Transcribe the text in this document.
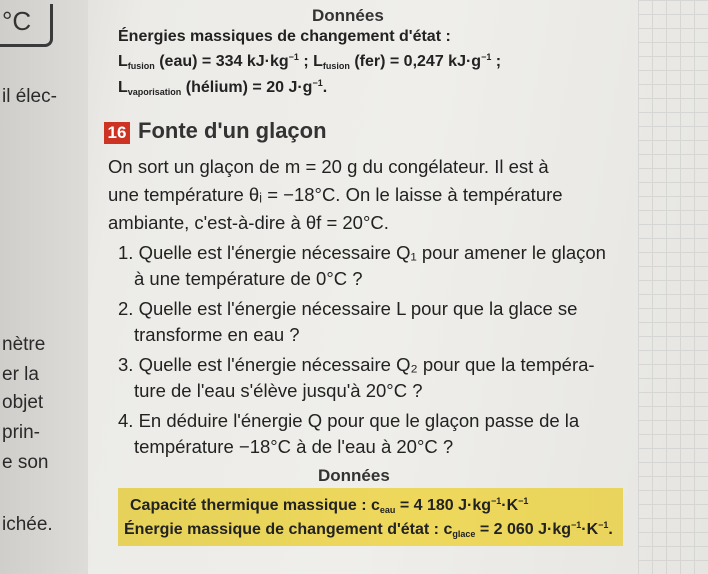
°C
il élec-
nètre
er la
objet
prin-
e son
ichée.
Données
Énergies massiques de changement d'état :
$L_{fusion}$ (eau) = 334 $kJ\cdot kg^{-1}$ ; $L_{fusion}$ (fer) = 0,247 $kJ\cdot g^{-1}$ ;
$L_{vaporisation}$ (hélium) = 20 $J\cdot g^{-1}$.
16 Fonte d'un glaçon
On sort un glaçon de m = 20 g du congélateur. Il est à
une température θᵢ = −18°C. On le laisse à température
ambiante, c'est-à-dire à θf = 20°C.
1. Quelle est l'énergie nécessaire Q₁ pour amener le glaçon
à une température de 0°C ?
2. Quelle est l'énergie nécessaire L pour que la glace se
transforme en eau ?
3. Quelle est l'énergie nécessaire Q₂ pour que la tempéra-
ture de l'eau s'élève jusqu'à 20°C ?
4. En déduire l'énergie Q pour que le glaçon passe de la
température −18°C à de l'eau à 20°C ?
Données
Capacité thermique massique : $c_{eau} = 4$ 180 $J\cdot kg^{-1}\cdot K^{-1}$
Énergie massique de changement d'état : $c_{glace} = 2$ 060 $J\cdot kg^{-1}\cdot K^{-1}$.
